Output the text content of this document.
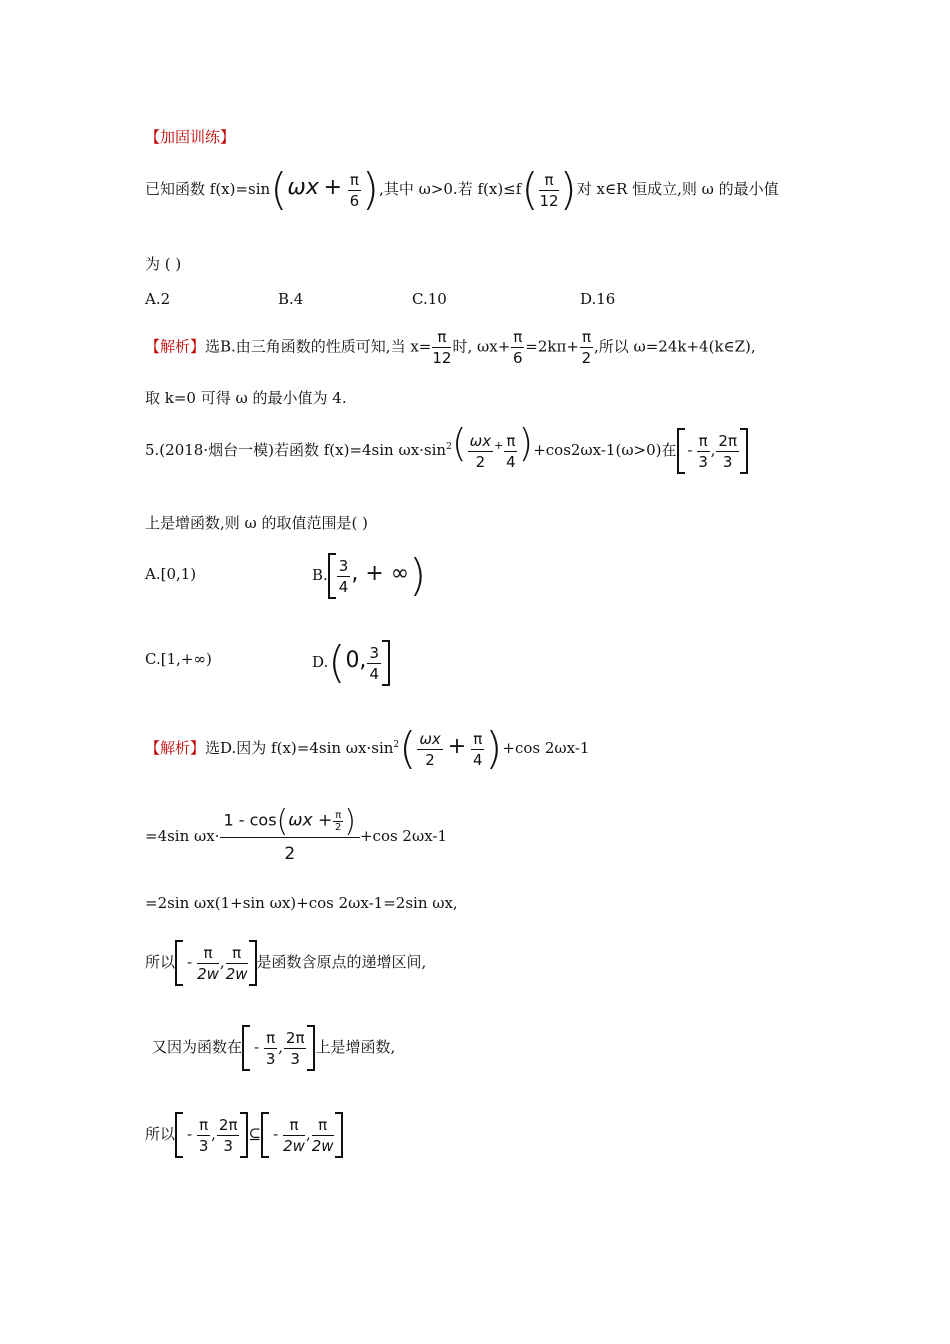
【加固训练】
已知函数 $f(x)=\sin(\omega x + \frac{\pi}{6}$ ),其中 ω>0.若 $f(x)\le f( \frac{\pi}{12}$ )对 x∈R 恒成立,则 ω 的最小值
为 ( )
A.2	B.4	C.10	D.16
【解析】选B.由三角函数的性质可知,当 $x= \frac{\pi}{12}$ 时, $\omega x+ \frac{\pi}{6} =2k\pi+ \frac{\pi}{2}$ ,所以 ω=24k+4(k∈Z),
取 k=0 可得 ω 的最小值为 4.
5.(2018·烟台一模)若函数 f(x)=4sin $\omega x\cdot\sin^2( \frac{\omega x}{2} ^+ \frac{\pi}{4} )+\cos 2\omega x-1(\omega>0)$在 - $\frac{\pi}{3}$ , $\frac{2\pi}{3}$
上是增函数,则 ω 的取值范围是( )
A.[0,1)	B. $\frac{3}{4}$ , + ∞)
C.[1,+∞)	D.(0, $\frac{3}{4}$
【解析】选D.因为 f(x)=4sin $\omega x\cdot\sin^2( \frac{\omega x}{2} + \frac{\pi}{4} )+\cos$ 2ωx-1
=4sin $\omega x\cdot \frac{1 - \cos(\omega x + \frac{\pi}{2} )}{2} +\cos$ 2ωx-1
=2sin ωx(1+sin ωx)+cos 2ωx-1=2sin ωx,
所以 - $\frac{\pi}{2w}$ , $\frac{\pi}{2w}$ 是函数含原点的递增区间,
又因为函数在 - $\frac{\pi}{3}$ , $\frac{2\pi}{3}$ 上是增函数,
所以 - $\frac{\pi}{3}$ , $\frac{2\pi}{3}$ ⊆ - $\frac{\pi}{2w}$ , $\frac{\pi}{2w}$
